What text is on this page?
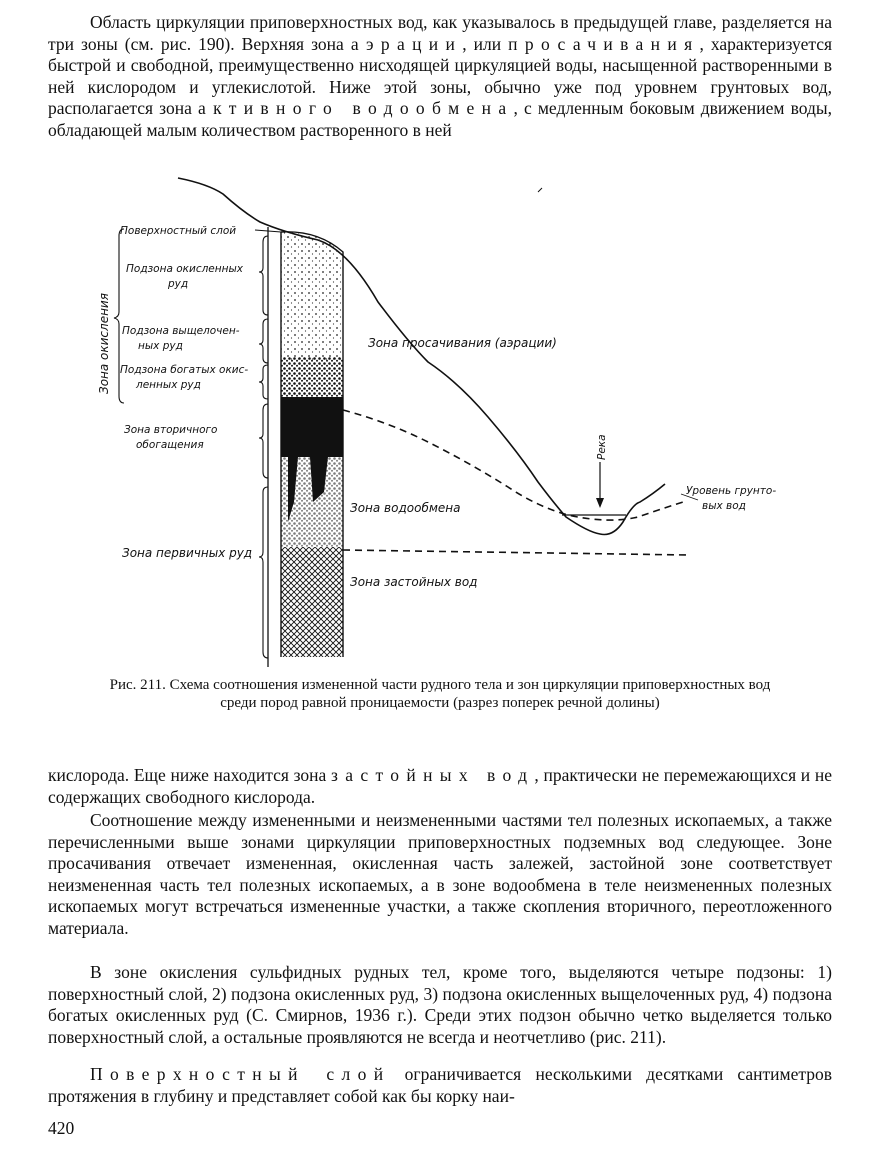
Область циркуляции приповерхностных вод, как указывалось в предыдущей главе, разделяется на три зоны (см. рис. 190). Верхняя зона аэрации, или просачивания, характеризуется быстрой и свободной, преимущественно нисходящей циркуляцией воды, насыщенной растворенными в ней кислородом и углекислотой. Ниже этой зоны, обычно уже под уровнем грунтовых вод, располагается зона активного водообмена, с медленным боковым движением воды, обладающей малым количеством растворенного в ней

Поверхностный слой
Подзона окисленных
руд
Подзона выщелочен-
ных руд
Подзона богатых окис-
ленных руд
Зона окисления
Зона вторичного
обогащения
Зона первичных руд
Зона просачивания (аэрации)
Река
Уровень грунто-
вых вод
Зона водообмена
Зона застойных вод

Рис. 211. Схема соотношения измененной части рудного тела и зон циркуляции приповерхностных вод среди пород равной проницаемости (разрез поперек речной долины)

кислорода. Еще ниже находится зона застойных вод, практически не перемежающихся и не содержащих свободного кислорода.

Соотношение между измененными и неизмененными частями тел полезных ископаемых, а также перечисленными выше зонами циркуляции приповерхностных подземных вод следующее. Зоне просачивания отвечает измененная, окисленная часть залежей, застойной зоне соответствует неизмененная часть тел полезных ископаемых, а в зоне водообмена в теле неизмененных полезных ископаемых могут встречаться измененные участки, а также скопления вторичного, переотложенного материала.

В зоне окисления сульфидных рудных тел, кроме того, выделяются четыре подзоны: 1) поверхностный слой, 2) подзона окисленных руд, 3) подзона окисленных выщелоченных руд, 4) подзона богатых окисленных руд (С. Смирнов, 1936 г.). Среди этих подзон обычно четко выделяется только поверхностный слой, а остальные проявляются не всегда и неотчетливо (рис. 211).

Поверхностный слой ограничивается несколькими десятками сантиметров протяжения в глубину и представляет собой как бы корку наи-

420
